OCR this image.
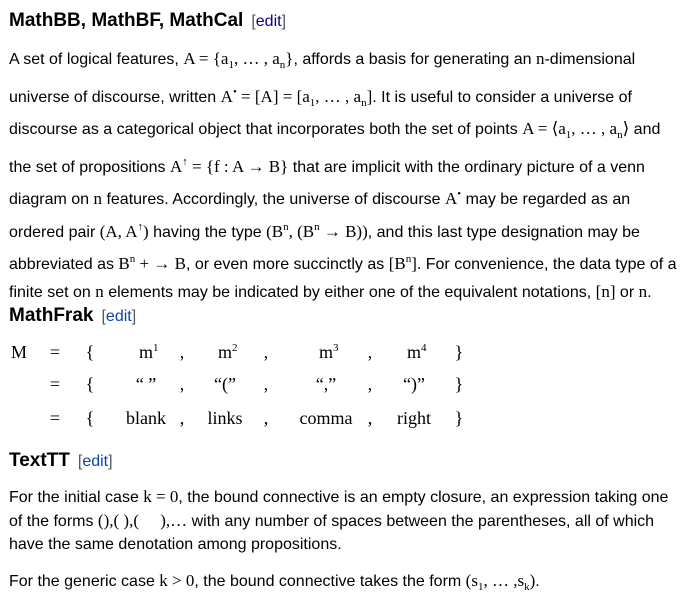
MathBB, MathBF, MathCal [edit]

A set of logical features, $A = \{a_1$, … , $a_n$}, affords a basis for generating an n-dimensional universe of discourse, written $A^• = [A] = [a_1$, … , $a_n$]. It is useful to consider a universe of discourse as a categorical object that incorporates both the set of points $A = ⟨a_1$, … , $a_n⟩$ and the set of propositions A↑ = {f : A → B} that are implicit with the ordinary picture of a venn diagram on n features. Accordingly, the universe of discourse A• may be regarded as an ordered pair (A, A↑) having the type ($B^n$, $(B^n \to B)$), and this last type designation may be abbreviated as $B^n$ + → B, or even more succinctly as $[B^n]$. For convenience, the data type of a finite set on n elements may be indicated by either one of the equivalent notations, [n] or n.

MathFrak [edit]
M = {	m 1 ,	m 2 ,	m 3 ,	m 4 }
= {	“ ”	,	“(”	,	“,”	,	“)”	}
= {	blank ,	links	,	comma ,	right	}
TextTT [edit]

For the initial case k = 0, the bound connective is an empty closure, an expression taking one of the forms (),( ),(     ),… with any number of spaces between the parentheses, all of which have the same denotation among propositions.

For the generic case k > 0, the bound connective takes the form ($s_1$, … $,s_k$).
